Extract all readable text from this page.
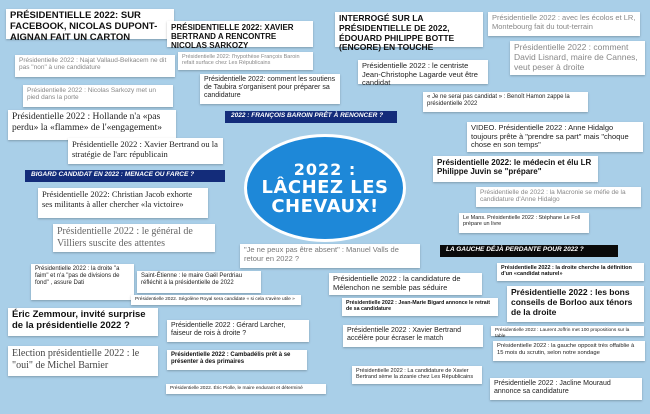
PRÉSIDENTIELLE 2022: SUR FACEBOOK, NICOLAS DUPONT-AIGNAN FAIT UN CARTON
Présidentielle 2022 : Najat Vallaud-Belkacem ne dit pas "non" à une candidature
Présidentielle 2022 : Nicolas Sarkozy met un pied dans la porte
Présidentielle 2022 : Hollande n'a «pas perdu» la «flamme» de l'«engagement»
PRÉSIDENTIELLE 2022: XAVIER BERTRAND A RENCONTRE NICOLAS SARKOZY
Présidentielle 2022: l'hypothèse François Baroin refait surface chez Les Républicains
Présidentielle 2022: comment les soutiens de Taubira s'organisent pour préparer sa candidature
INTERROGÉ SUR LA PRÉSIDENTIELLE DE 2022, ÉDOUARD PHILIPPE BOTTE (ENCORE) EN TOUCHE
Présidentielle 2022 : le centriste Jean-Christophe Lagarde veut être candidat
Présidentielle 2022 : avec les écolos et LR, Montebourg fait du tout-terrain
Présidentielle 2022 : comment David Lisnard, maire de Cannes, veut peser à droite
« Je ne serai pas candidat » : Benoît Hamon zappe la présidentielle 2022
VIDEO. Présidentielle 2022 : Anne Hidalgo toujours prête à "prendre sa part" mais "choque chose en son temps"
2022 : FRANÇOIS BAROIN PRÊT À RENONCER ?
Présidentielle 2022 : Xavier Bertrand ou la stratégie de l'arc républicain
BIGARD CANDIDAT EN 2022 : MENACE OU FARCE ?
Présidentielle 2022: Christian Jacob exhorte ses militants à aller chercher «la victoire»
Présidentielle 2022 : le général de Villiers suscite des attentes
2022 :
LÂCHEZ LES
CHEVAUX!
Présidentielle 2022: le médecin et élu LR Philippe Juvin se "prépare"
Présidentielle de 2022 : la Macronie se méfie de la candidature d'Anne Hidalgo
Le Mans. Présidentielle 2022 : Stéphane Le Foll prépare un livre
"Je ne peux pas être absent" : Manuel Valls de retour en 2022 ?
LA GAUCHE DÉJÀ PERDANTE POUR 2022 ?
Présidentielle 2022 : la droite "a faim" et n'a "pas de divisions de fond" , assure Dati
Saint-Étienne : le maire Gaël Perdriau réfléchit à la présidentielle de 2022
Présidentielle 2022. Ségolène Royal sera candidate « si cela s'avère utile »
Présidentielle 2022 : la candidature de Mélenchon ne semble pas séduire
Présidentielle 2022 : la droite cherche la définition d'un «candidat naturel»
Présidentielle 2022 : les bons conseils de Borloo aux ténors de la droite
Présidentielle 2022 : Jean-Marie Bigard annonce le retrait de sa candidature
Présidentielle 2022 : Laurent Joffrin met 100 propositions sur la table
Éric Zemmour, invité surprise de la présidentielle 2022 ?	Présidentielle 2022 : Gérard Larcher, faiseur de rois à droite ?	Présidentielle 2022 : Xavier Bertrand accélère pour écraser le match
Présidentielle 2022 : la gauche opposit très offaiblie à 15 mois du scrutin, selon notre sondage
Election présidentielle 2022 : le "oui" de Michel Barnier
Présidentielle 2022 : Cambadélis prêt à se présenter à des primaires
Présidentielle 2022 : La candidature de Xavier Bertrand sème la zizanie chez Les Républicains
Présidentielle 2022. Éric Piolle, le maire endurant et déterminé
Présidentielle 2022 : Jacline Mouraud annonce sa candidature
